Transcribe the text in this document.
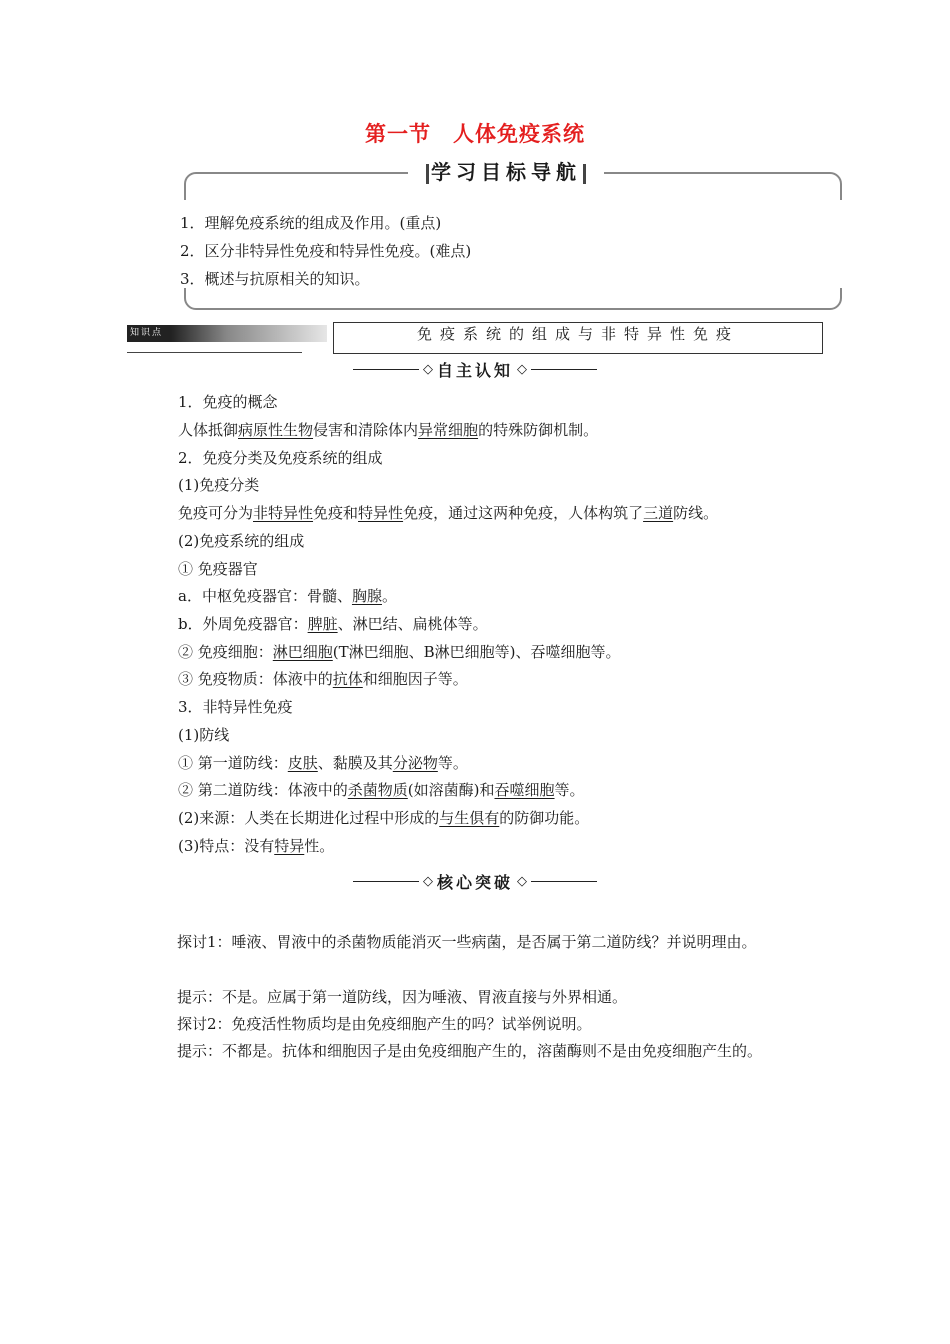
第一节 人体免疫系统
学习目标导航
1．理解免疫系统的组成及作用。(重点)
2．区分非特异性免疫和特异性免疫。(难点)
3．概述与抗原相关的知识。
知识点	免疫系统的组成与非特异性免疫
◇ 自主认知 ◇
1．免疫的概念
人体抵御病原性生物侵害和清除体内异常细胞的特殊防御机制。
2．免疫分类及免疫系统的组成
(1)免疫分类
免疫可分为非特异性免疫和特异性免疫，通过这两种免疫，人体构筑了三道防线。
(2)免疫系统的组成
① 免疫器官
a．中枢免疫器官：骨髓、胸腺。
b．外周免疫器官：脾脏、淋巴结、扁桃体等。
② 免疫细胞：淋巴细胞(T淋巴细胞、B淋巴细胞等)、吞噬细胞等。
③ 免疫物质：体液中的抗体和细胞因子等。
3．非特异性免疫
(1)防线
① 第一道防线：皮肤、黏膜及其分泌物等。
② 第二道防线：体液中的杀菌物质(如溶菌酶)和吞噬细胞等。
(2)来源：人类在长期进化过程中形成的与生俱有的防御功能。
(3)特点：没有特异性。
◇ 核心突破 ◇
探讨1：唾液、胃液中的杀菌物质能消灭一些病菌，是否属于第二道防线？并说明理由。
提示：不是。应属于第一道防线，因为唾液、胃液直接与外界相通。
探讨2：免疫活性物质均是由免疫细胞产生的吗？试举例说明。
提示：不都是。抗体和细胞因子是由免疫细胞产生的，溶菌酶则不是由免疫细胞产生的。
